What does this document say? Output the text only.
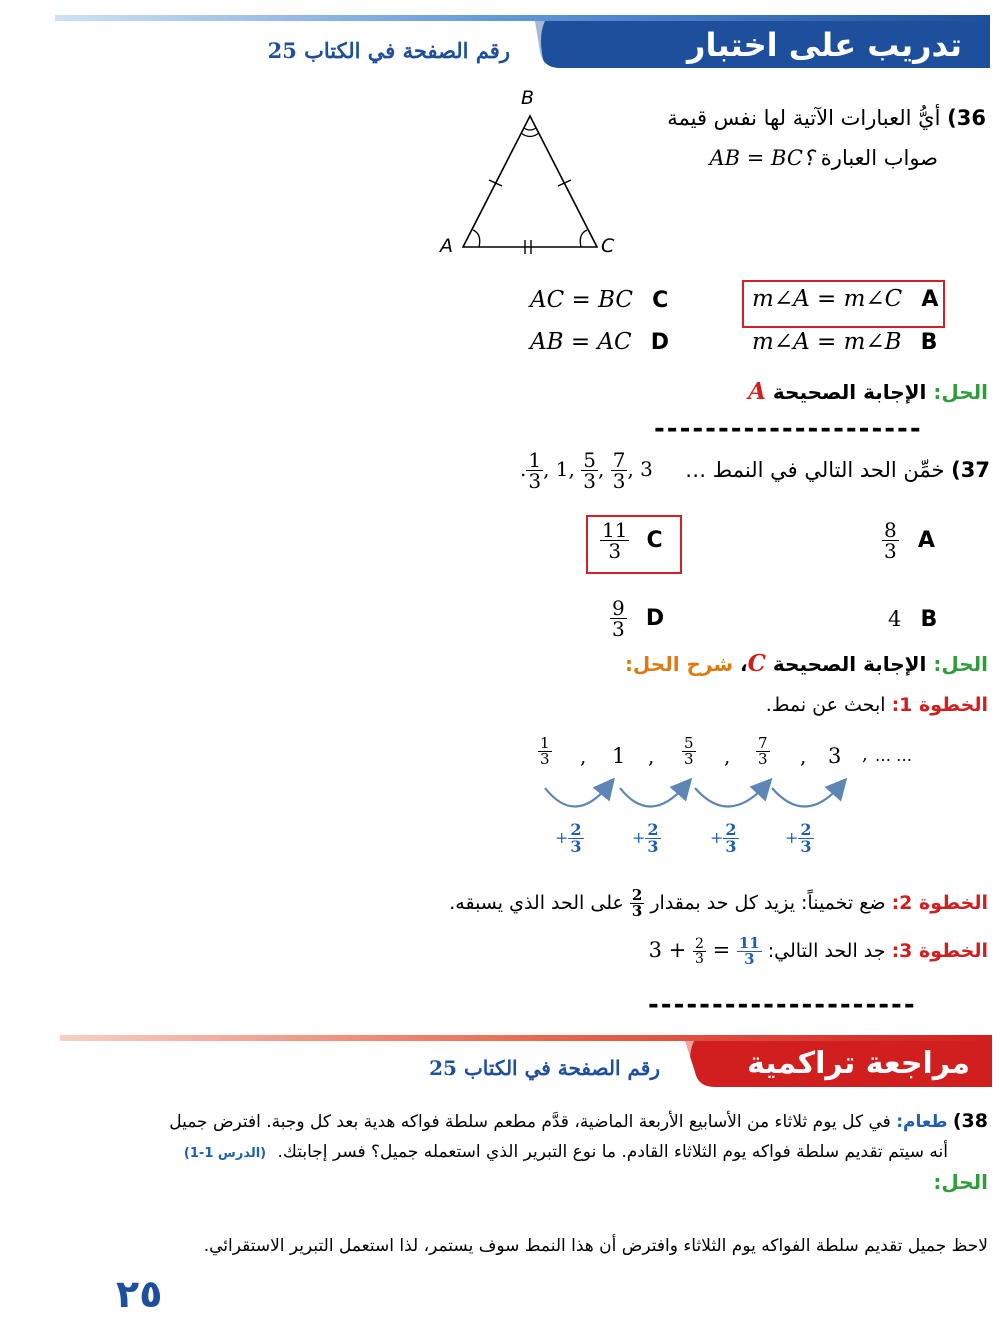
تدريب على اختبار
رقم الصفحة في الكتاب 25
36) أيُّ العبارات الآتية لها نفس قيمة
صواب العبارة AB = BC؟
B
A	C
m∠A = m∠C A
m∠A = m∠B B
AC = BC C
AB = AC D
الحل: الإجابة الصحيحة A
---------------------
37) خمِّن الحد التالي في النمط …
. $\frac{1}{3}$ , 1, $\frac{5}{3}$ , $\frac{7}{3}$ , 3
$\frac{11}{3}$ C	$\frac{8}{3}$ A
$\frac{9}{3}$ D	4 B
الحل: الإجابة الصحيحة C، شرح الحل:
الخطوة 1: ابحث عن نمط.
$\frac{1}{3}$ , 1 , $\frac{5}{3}$ , $\frac{7}{3}$ , 3 , … …
+ $\frac{2}{3}$	+ $\frac{2}{3}$	+ $\frac{2}{3}$	+ $\frac{2}{3}$
الخطوة 2: ضع تخميناً: يزيد كل حد بمقدار
$\frac{2}{3}$
على الحد الذي يسبقه.
الخطوة 3: جد الحد التالي: $3 + \frac{2}{3} = \frac{11}{3}$
---------------------
مراجعة تراكمية
رقم الصفحة في الكتاب 25
38) طعام: في كل يوم ثلاثاء من الأسابيع الأربعة الماضية، قدَّم مطعم سلطة فواكه هدية بعد كل وجبة. افترض جميل
أنه سيتم تقديم سلطة فواكه يوم الثلاثاء القادم. ما نوع التبرير الذي استعمله جميل؟ فسر إجابتك. (الدرس 1-1)
الحل:
لاحظ جميل تقديم سلطة الفواكه يوم الثلاثاء وافترض أن هذا النمط سوف يستمر، لذا استعمل التبرير الاستقرائي.
٢٥
